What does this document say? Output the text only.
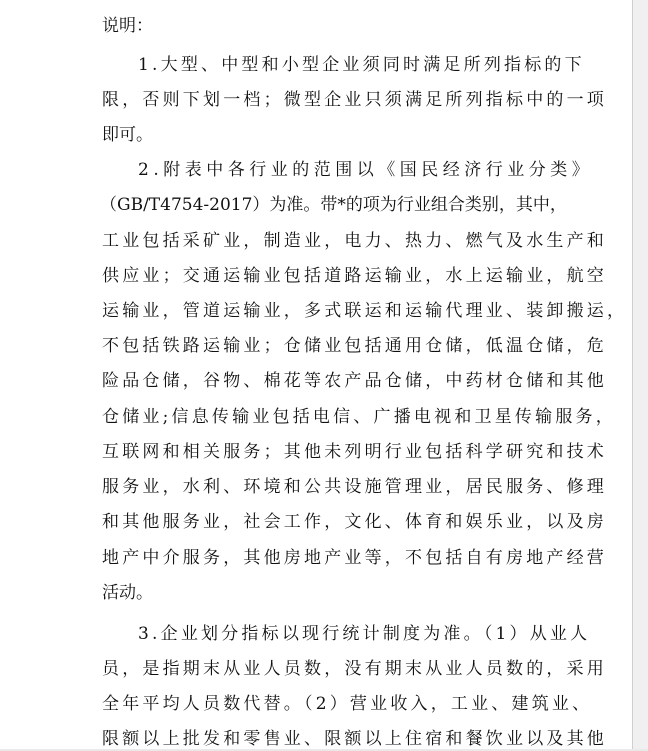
说明：
1.大型、中型和小型企业须同时满足所列指标的下
限，否则下划一档；微型企业只须满足所列指标中的一项
即可。
2.附表中各行业的范围以《国民经济行业分类》
（GB/T4754-2017）为准。带*的项为行业组合类别，其中，
工业包括采矿业，制造业，电力、热力、燃气及水生产和
供应业；交通运输业包括道路运输业，水上运输业，航空
运输业，管道运输业，多式联运和运输代理业、装卸搬运，
不包括铁路运输业；仓储业包括通用仓储，低温仓储，危
险品仓储，谷物、棉花等农产品仓储，中药材仓储和其他
仓储业;信息传输业包括电信、广播电视和卫星传输服务，
互联网和相关服务；其他未列明行业包括科学研究和技术
服务业，水利、环境和公共设施管理业，居民服务、修理
和其他服务业，社会工作，文化、体育和娱乐业，以及房
地产中介服务，其他房地产业等，不包括自有房地产经营
活动。
3.企业划分指标以现行统计制度为准。（1）从业人
员，是指期末从业人员数，没有期末从业人员数的，采用
全年平均人员数代替。（2）营业收入，工业、建筑业、
限额以上批发和零售业、限额以上住宿和餐饮业以及其他
